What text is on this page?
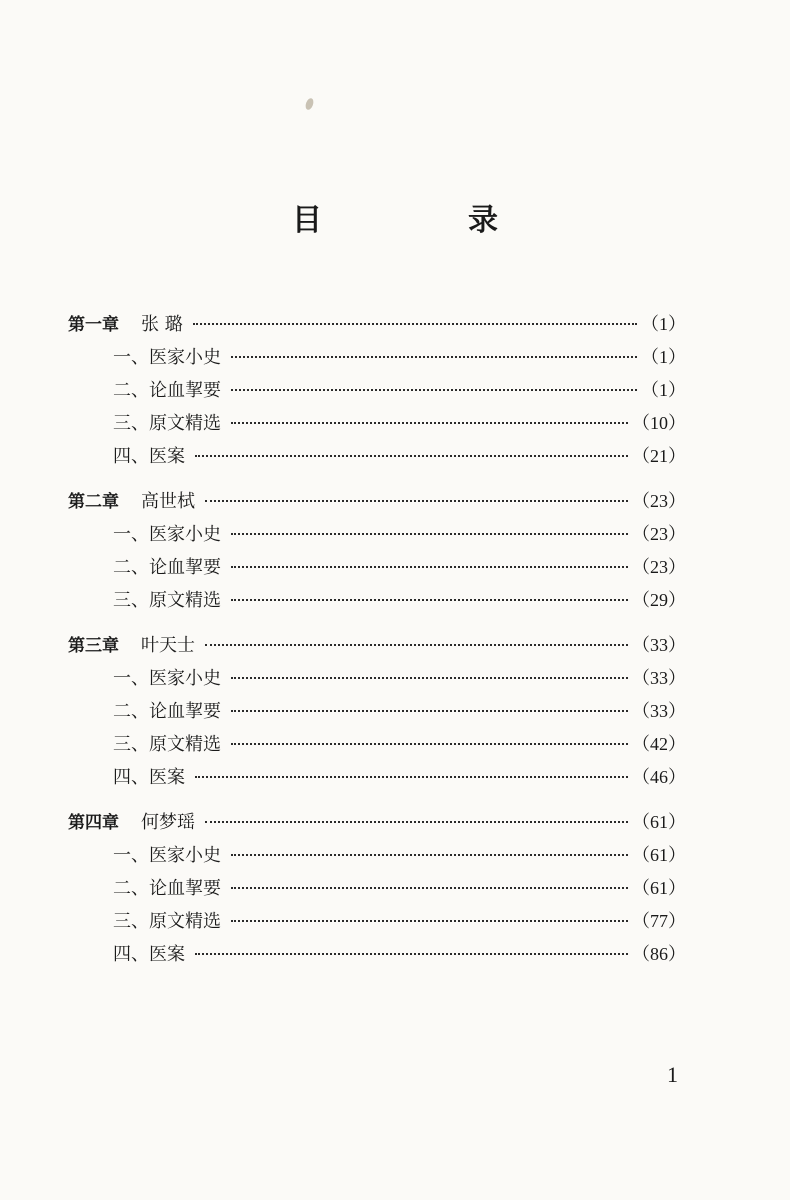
目　录
第一章 张 璐	（1）
一、医家小史	（1）
二、论血挈要	（1）
三、原文精选	（10）
四、医案	（21）
第二章 高世栻	（23）
一、医家小史	（23）
二、论血挈要	（23）
三、原文精选	（29）
第三章 叶天士	（33）
一、医家小史	（33）
二、论血挈要	（33）
三、原文精选	（42）
四、医案	（46）
第四章 何梦瑶	（61）
一、医家小史	（61）
二、论血挈要	（61）
三、原文精选	（77）
四、医案	（86）
1
